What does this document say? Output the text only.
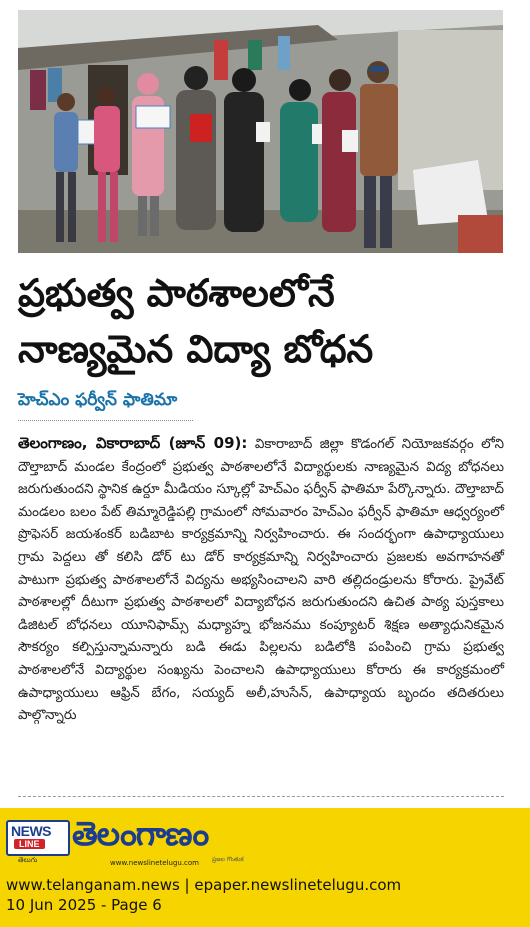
ప్రభుత్వ పాఠశాలలోనే
నాణ్యమైన విద్యా బోధన
హెచ్ఎం ఫర్వీన్ ఫాతిమా
తెలంగాణం, వికారాబాద్ (జూన్ 09): వికారాబాద్ జిల్లా కొడంగల్ నియోజకవర్గం లోని దౌల్తాబాద్ మండల కేంద్రంలో ప్రభుత్వ పాఠశాలలోనే విద్యార్థులకు నాణ్యమైన విద్య బోధనలు జరుగుతుందని స్థానిక ఉర్దూ మీడియం స్కూల్లో హెచ్ఎం ఫర్వీన్ ఫాతిమా పేర్కొన్నారు. దౌల్తాబాద్ మండలం బలం పేట్ తిమ్మారెడ్డిపల్లి గ్రామంలో సోమవారం హెచ్ఎం ఫర్వీన్ ఫాతిమా ఆధ్వర్యంలో ప్రొఫెసర్ జయశంకర్ బడిబాట కార్యక్రమాన్ని నిర్వహించారు. ఈ సందర్భంగా ఉపాధ్యాయులు గ్రామ పెద్దలు తో కలిసి డోర్ టు డోర్ కార్యక్రమాన్ని నిర్వహించారు ప్రజలకు అవగాహనతో పాటుగా ప్రభుత్వ పాఠశాలలోనే విద్యను అభ్యసించాలని వారి తల్లిదండ్రులను కోరారు. ప్రైవేట్ పాఠశాలల్లో దీటుగా ప్రభుత్వ పాఠశాలలో విద్యాబోధన జరుగుతుందని ఉచిత పాఠ్య పుస్తకాలు డిజిటల్ బోధనలు యూనిఫామ్స్ మధ్యాహ్న భోజనము కంప్యూటర్ శిక్షణ అత్యాధునికమైన సౌకర్యం కల్పిస్తున్నామన్నారు బడి ఈడు పిల్లలను బడిలోకి పంపించి గ్రామ ప్రభుత్వ పాఠశాలలోనే విద్యార్థుల సంఖ్యను పెంచాలని ఉపాధ్యాయులు కోరారు ఈ కార్యక్రమంలో ఉపాధ్యాయులు ఆఫ్రిన్ బేగం, సయ్యద్ అలీ,హుసేన్, ఉపాధ్యాయ బృందం తదితరులు పాల్గొన్నారు
NEWS
LINE
తెలుగు
తెలంగాణం
www.newslinetelugu.com ప్రజల గొంతుక
www.telanganam.news | epaper.newslinetelugu.com
10 Jun 2025 - Page 6
